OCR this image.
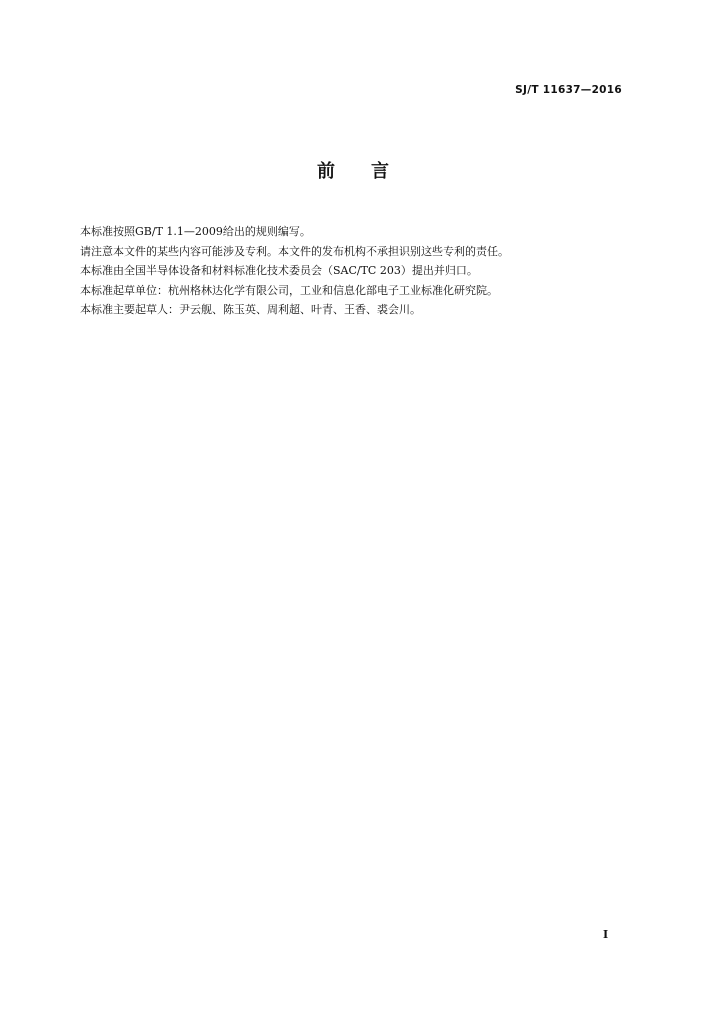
SJ/T 11637—2016
前言
本标准按照GB/T 1.1—2009给出的规则编写。
请注意本文件的某些内容可能涉及专利。本文件的发布机构不承担识别这些专利的责任。
本标准由全国半导体设备和材料标准化技术委员会（SAC/TC 203）提出并归口。
本标准起草单位：杭州格林达化学有限公司，工业和信息化部电子工业标准化研究院。
本标准主要起草人：尹云舰、陈玉英、周利超、叶青、王香、裘会川。
I
